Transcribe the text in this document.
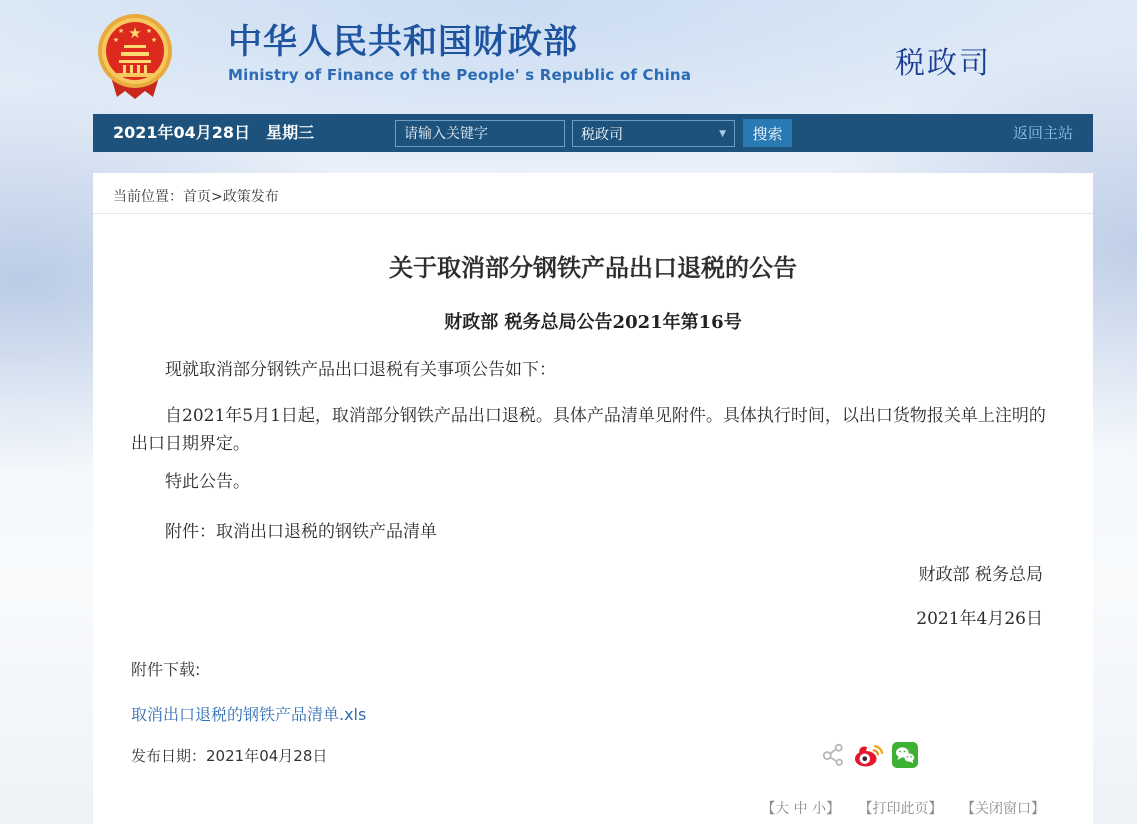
★
★	★
★	★ 中华人民共和国财政部
Ministry of Finance of the People' s Republic of China	税政司
2021年04月28日　星期三
请输入关键字	税政司	▼	搜索	返回主站
当前位置：首页>政策发布
关于取消部分钢铁产品出口退税的公告
财政部 税务总局公告2021年第16号

现就取消部分钢铁产品出口退税有关事项公告如下：

自2021年5月1日起，取消部分钢铁产品出口退税。具体产品清单见附件。具体执行时间，以出口货物报关单上注明的出口日期界定。

特此公告。

附件：取消出口退税的钢铁产品清单

财政部 税务总局

2021年4月26日

附件下载:
取消出口退税的钢铁产品清单.xls
发布日期：2021年04月28日
【大 中 小】 【打印此页】 【关闭窗口】
